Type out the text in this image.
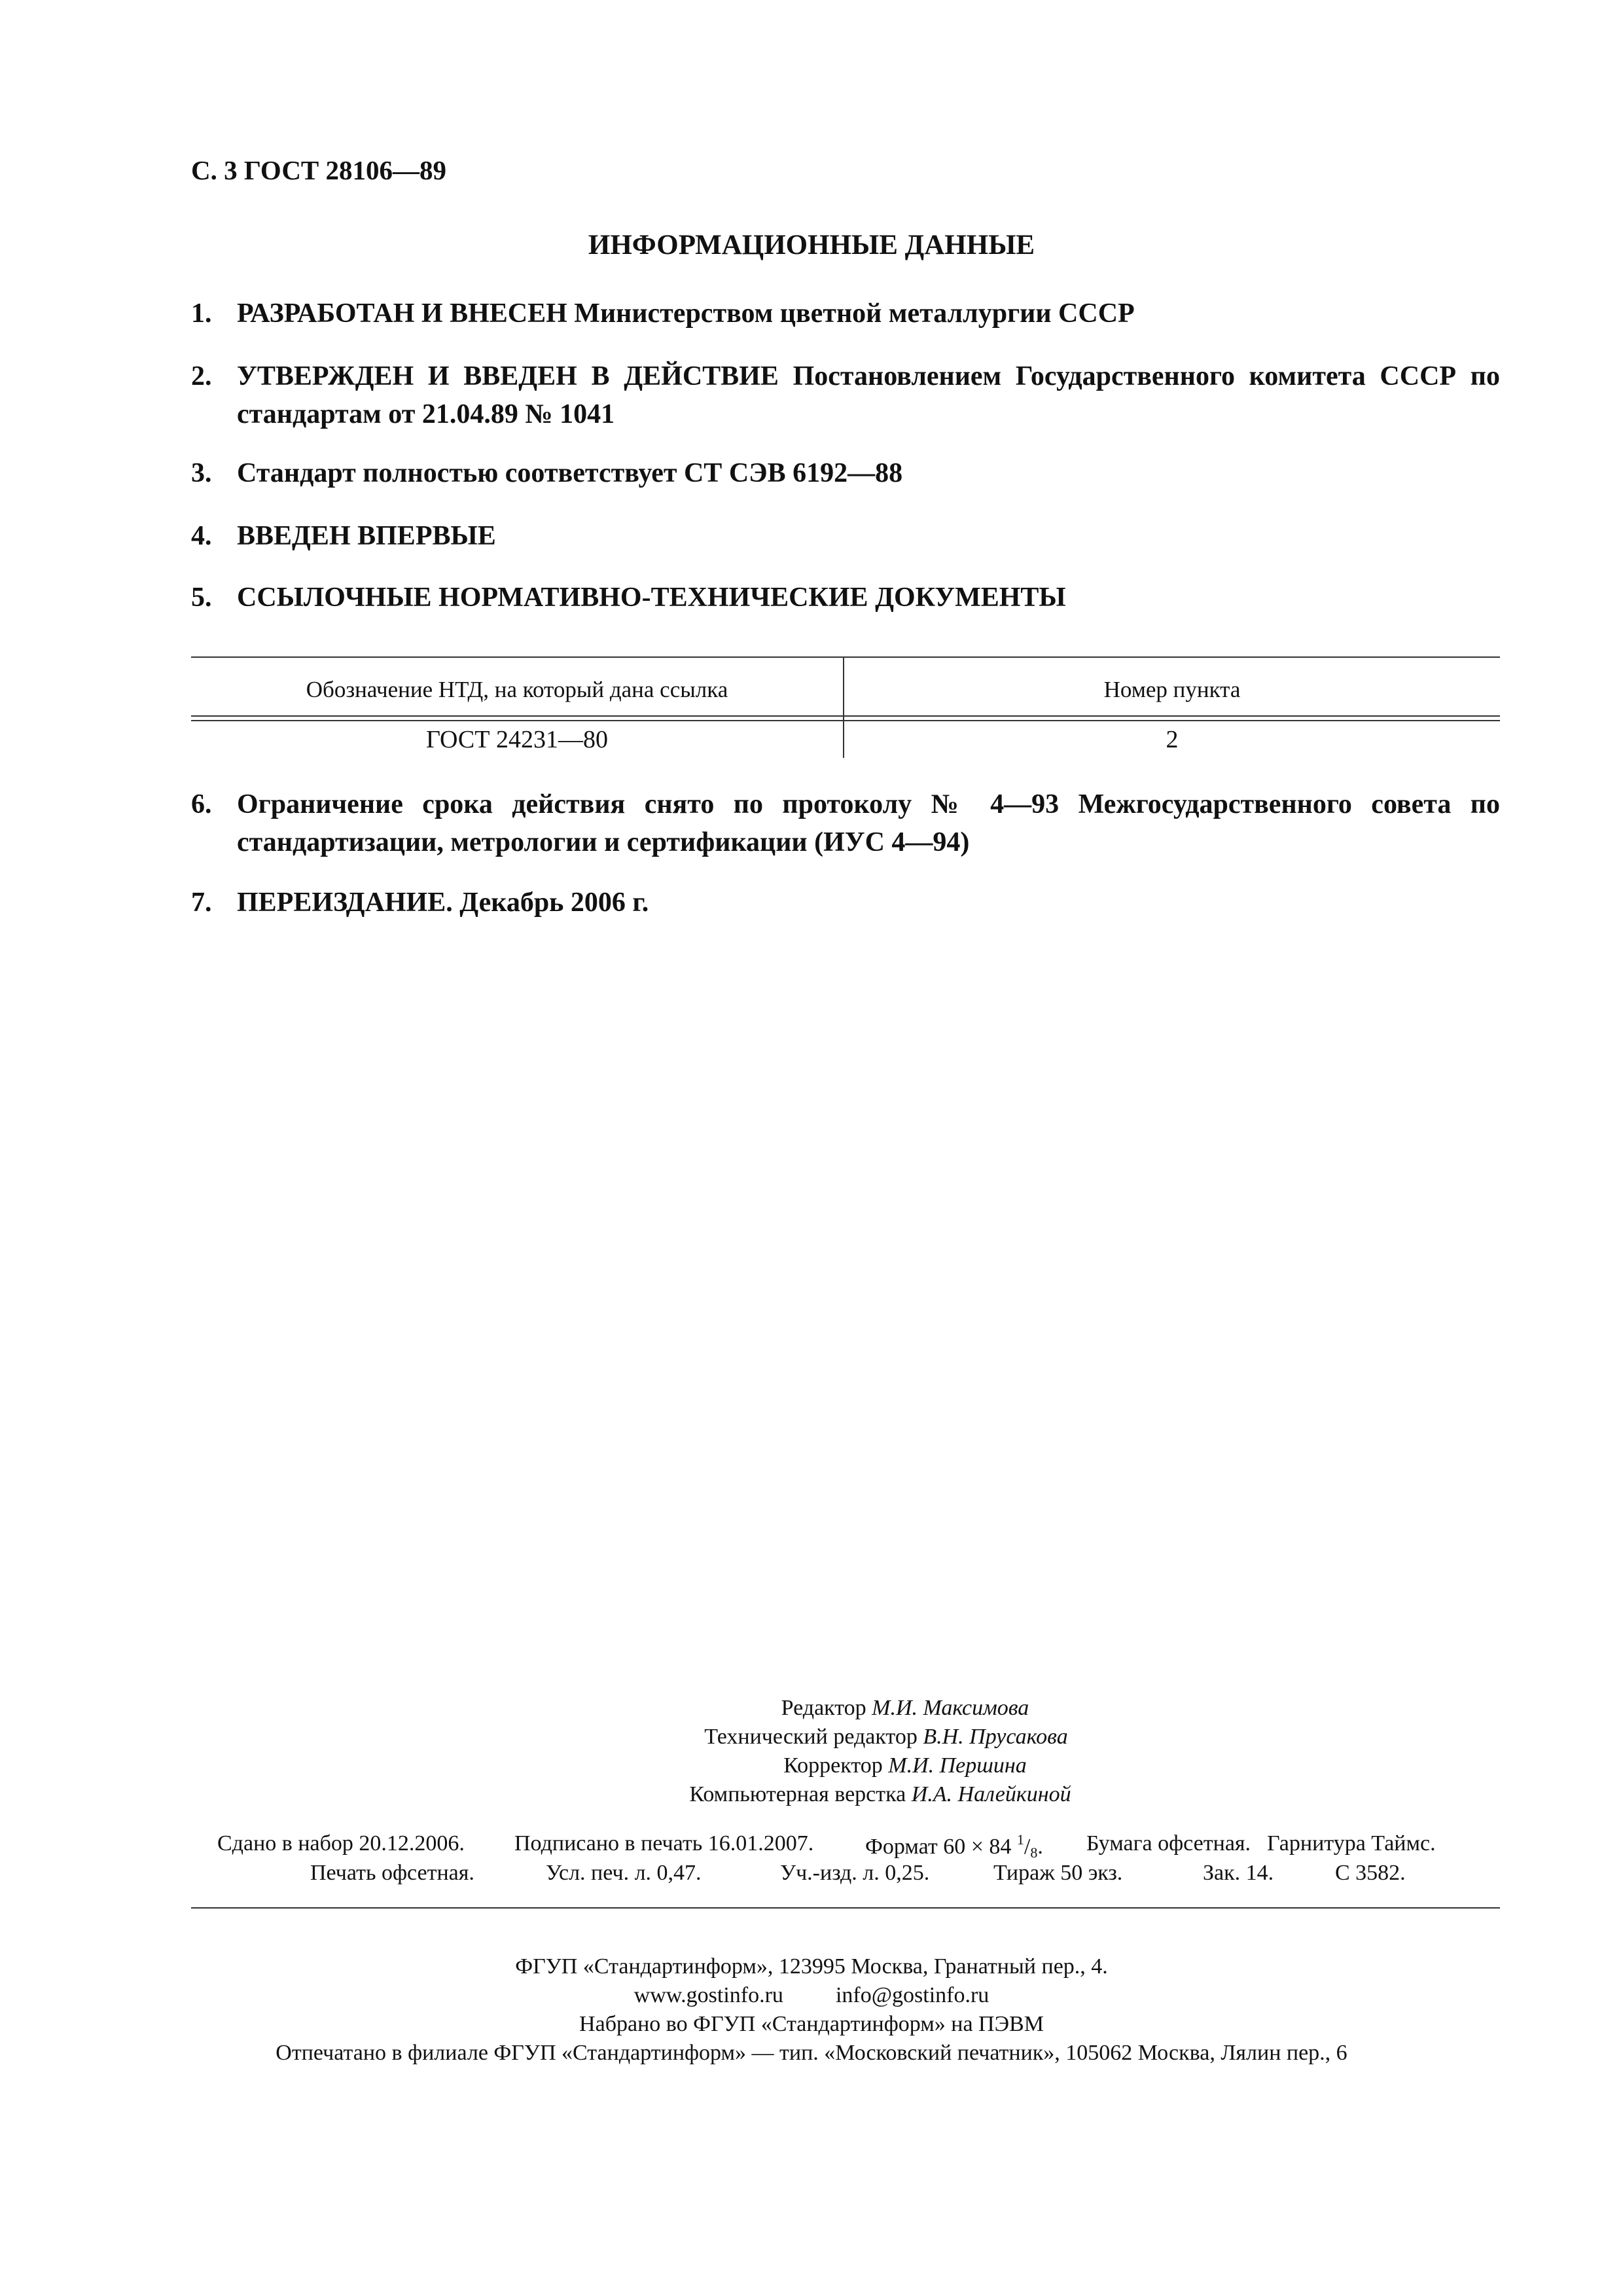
С. 3 ГОСТ 28106—89
ИНФОРМАЦИОННЫЕ ДАННЫЕ
1. РАЗРАБОТАН И ВНЕСЕН Министерством цветной металлургии СССР
2. УТВЕРЖДЕН И ВВЕДЕН В ДЕЙСТВИЕ Постановлением Государственного комитета СССР по стандартам от 21.04.89 № 1041
3. Стандарт полностью соответствует СТ СЭВ 6192—88
4. ВВЕДЕН ВПЕРВЫЕ
5. ССЫЛОЧНЫЕ НОРМАТИВНО-ТЕХНИЧЕСКИЕ ДОКУМЕНТЫ
Обозначение НТД, на который дана ссылка	Номер пункта
ГОСТ 24231—80	2
6. Ограничение срока действия снято по протоколу № 4—93 Межгосударственного совета по стандартизации, метрологии и сертификации (ИУС 4—94)
7. ПЕРЕИЗДАНИЕ. Декабрь 2006 г.
Редактор М.И. Максимова
Технический редактор В.Н. Прусакова
Корректор М.И. Першина
Компьютерная верстка И.А. Налейкиной
Сдано в набор 20.12.2006. Подписано в печать 16.01.2007. Формат 60 × 84 $^1/_8$. Бумага офсетная. Гарнитура Таймс.
Печать офсетная.	Усл. печ. л. 0,47.	Уч.-изд. л. 0,25.	Тираж 50 экз.	Зак. 14.	С 3582.
ФГУП «Стандартинформ», 123995 Москва, Гранатный пер., 4.
www.gostinfo.ru info@gostinfo.ru
Набрано во ФГУП «Стандартинформ» на ПЭВМ
Отпечатано в филиале ФГУП «Стандартинформ» — тип. «Московский печатник», 105062 Москва, Лялин пер., 6
